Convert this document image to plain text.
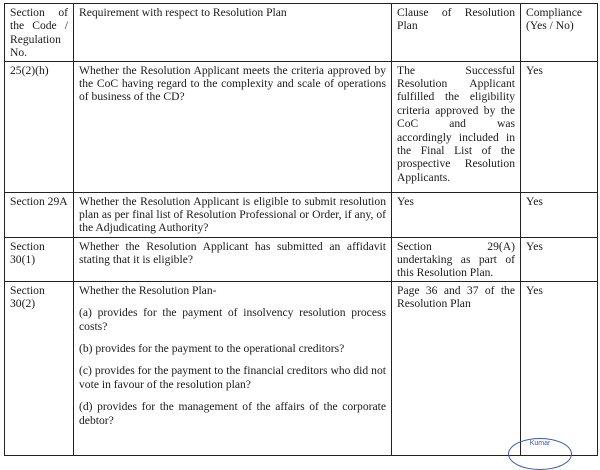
Section of the Code / Regulation No.	Requirement with respect to Resolution Plan	Clause of Resolution Plan	Compliance (Yes / No)
25(2)(h)	Whether the Resolution Applicant meets the criteria approved by the CoC having regard to the complexity and scale of operations of business of the CD?	The Successful Resolution Applicant fulfilled the eligibility criteria approved by the CoC and was accordingly included in the Final List of the prospective Resolution Applicants.	Yes
Section 29A	Whether the Resolution Applicant is eligible to submit resolution plan as per final list of Resolution Professional or Order, if any, of the Adjudicating Authority?	Yes	Yes
Section 30(1)	Whether the Resolution Applicant has submitted an affidavit stating that it is eligible?	Section 29(A) undertaking as part of this Resolution Plan.	Yes
Section 30(2)	Whether the Resolution Plan-

(a) provides for the payment of insolvency resolution process costs?

(b) provides for the payment to the operational creditors?

(c) provides for the payment to the financial creditors who did not vote in favour of the resolution plan?

(d) provides for the management of the affairs of the corporate debtor?	Page 36 and 37 of the Resolution Plan	Yes
Kumar
